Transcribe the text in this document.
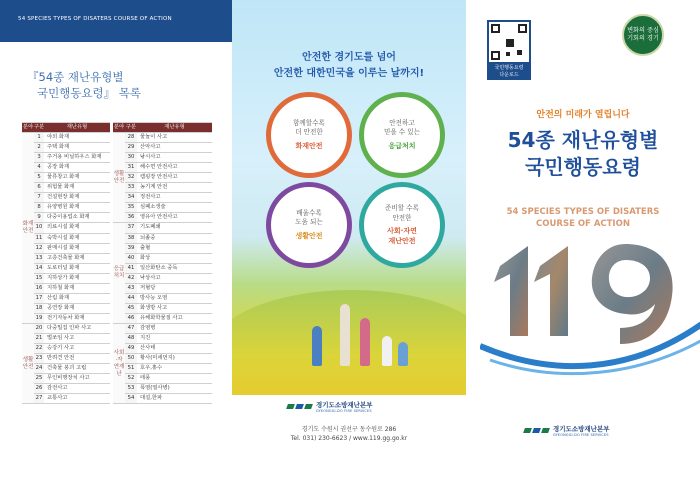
54 SPECIES TYPES OF DISATERS COURSE OF ACTION
『54종 재난유형별
국민행동요령』 목록
분야	구분	재난유형		분야	구분	재난유형
화재안전	1	야외 화재		생활안전	28	물놀이 사고
	2	주택 화재			29	산악사고
	3	주거용 비닐하우스 화재			30	낚시사고
	4	공장 화재			31	해수면 안전사고
	5	물류창고 화재			32	캠핑장 안전사고
	6	위험물 화재			33	농기계 안전
	7	건설현장 화재			34	정전사고
	8	유양병원 화재			35	심폐소생술
	9	다중이용업소 화재			36	영유아 안전사고
	10	의료시설 화재		응급처치	37	기도폐쇄
	11	숙박시설 화재			38	뇌졸중
	12	판매시설 화재			39	출혈
	13	고층건축물 화재			40	화상
	14	도로터널 화재			41	일산화탄소 중독
	15	지하상가 화재			42	낙상사고
	16	지하철 화재			43	저혈당
	17	산림 화재			44	방사능 오염
	18	공연장 화재			45	화생방 사고
	19	전기자동차 화재			46	유해화학물질 사고
생활안전	20	다중밀집 인파 사고		사회·자연재난	47	감염병
	21	벌쏘임 사고			48	지진
	22	승강기 사고			49	산사태
	23	반려견 안전			50	황사(미세먼지)
	24	건축물 붕괴 고립			51	호우,홍수
	25	무인비행장치 사고			52	태풍
	26	감전사고			53	폭염(열사병)
	27	교통사고			54	대설,한파
안전한 경기도를 넘어
안전한 대한민국을 이루는 날까지!
함께할수록
더 안전한
화재안전
안전하고
믿을 수 있는
응급처치
배울수록
도움 되는
생활안전
준비할 수록
안전한
사회·자연
재난안전
경기도소방재난본부
GYEONGGI-DO FIRE SERVICES
경기도 수원시 권선구 동수원로 286
Tel. 031) 230-6623 / www.119.gg.go.kr
국민행동요령
다운로드
변화의 중심
기회의 경기
안전의 미래가 열립니다
54종 재난유형별
국민행동요령
54 SPECIES TYPES OF DISATERS
COURSE OF ACTION
경기도소방재난본부
GYEONGGI-DO FIRE SERVICES
